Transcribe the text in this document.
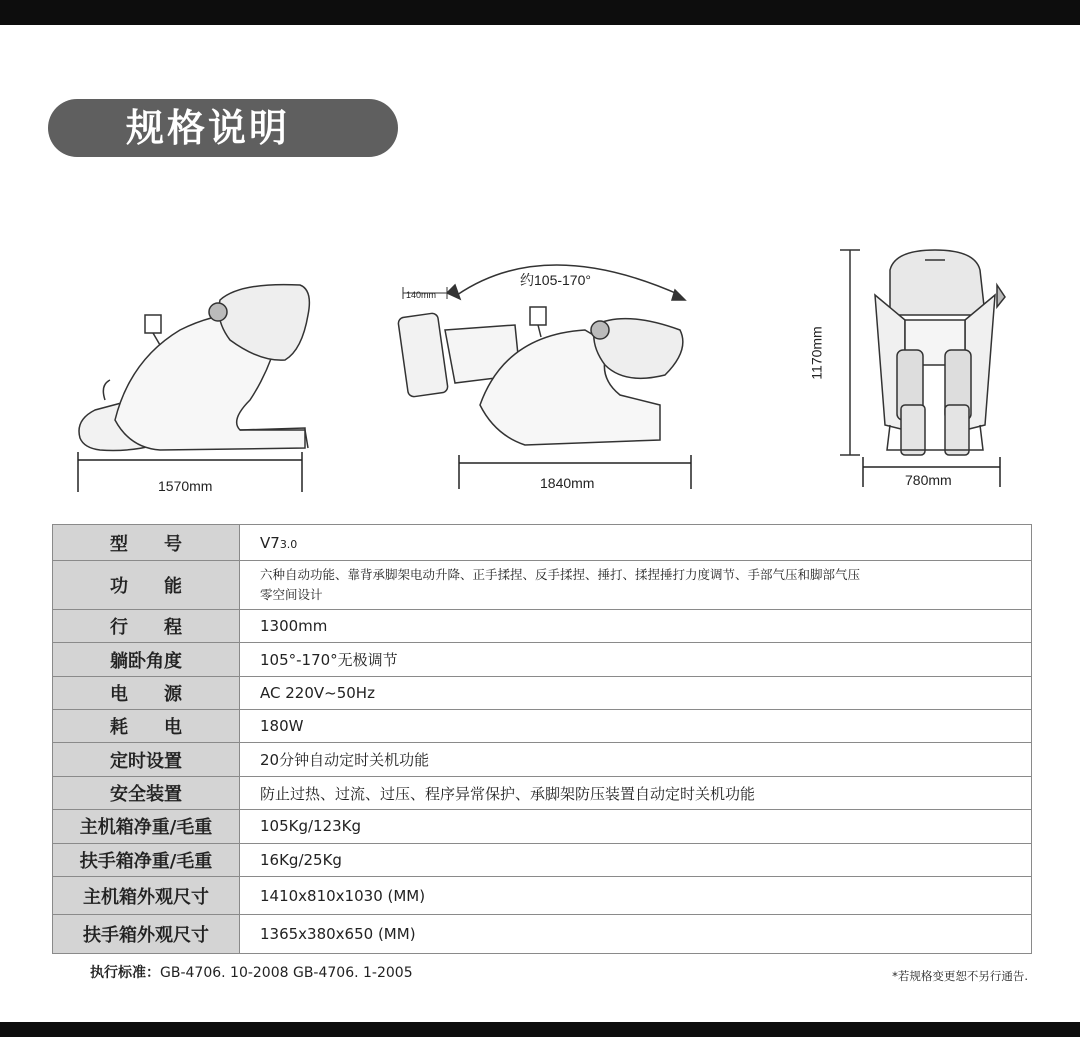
规格说明
1570mm
约105-170°
140mm
1840mm
1170mm
780mm
型　　号	V73.0
功　　能	六种自动功能、靠背承脚架电动升降、正手揉捏、反手揉捏、捶打、揉捏捶打力度调节、手部气压和脚部气压
零空间设计

行　　程	1300mm
躺卧角度	105°-170°无极调节
电　　源	AC 220V~50Hz
耗　　电	180W
定时设置	20分钟自动定时关机功能
安全装置	防止过热、过流、过压、程序异常保护、承脚架防压装置自动定时关机功能
主机箱净重/毛重	105Kg/123Kg
扶手箱净重/毛重	16Kg/25Kg
主机箱外观尺寸	1410x810x1030 (MM)
扶手箱外观尺寸	1365x380x650 (MM)
执行标准：GB-4706. 10-2008 GB-4706. 1-2005	*若规格变更恕不另行通告.
